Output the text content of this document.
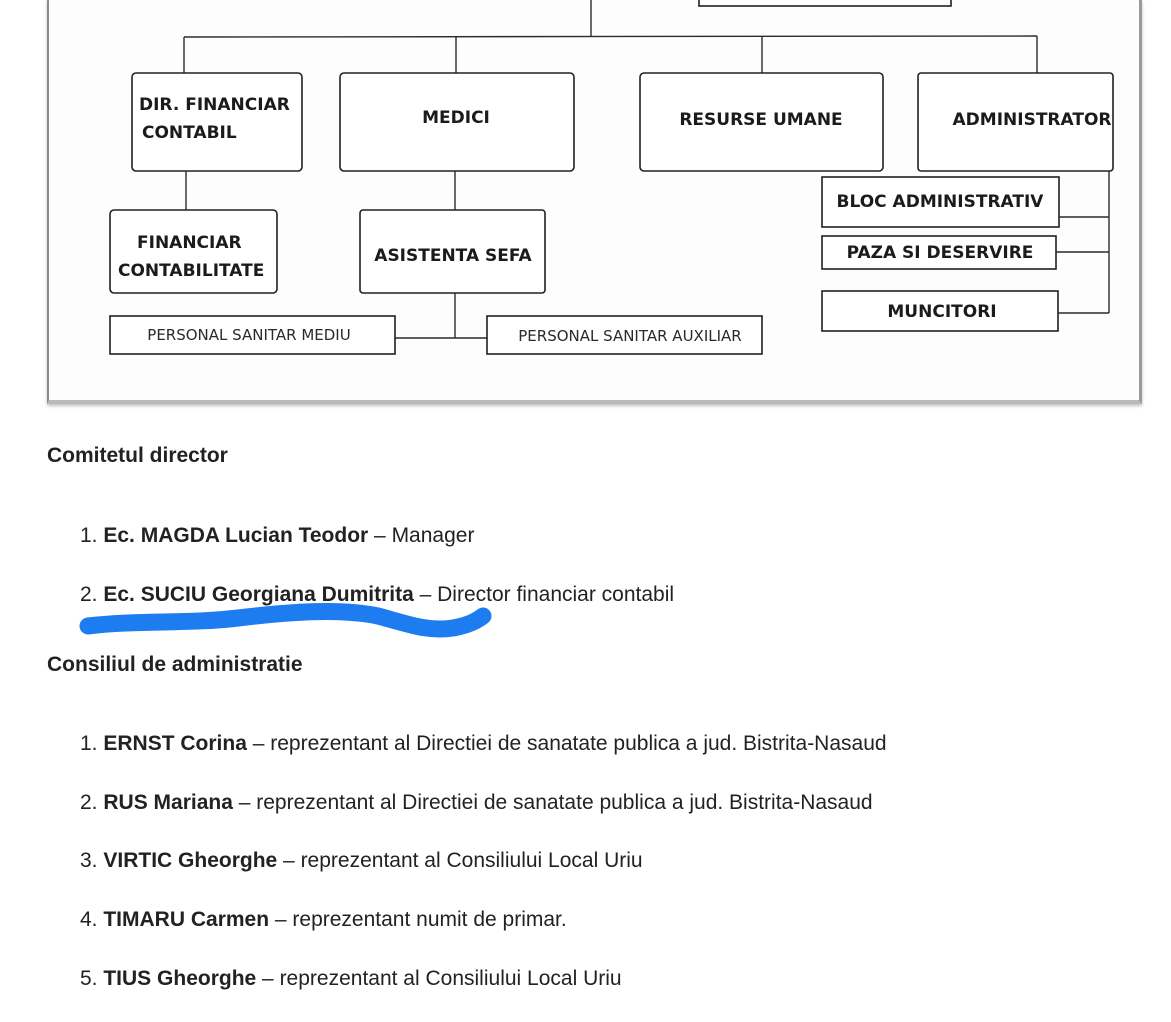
DIR. FINANCIAR
CONTABIL
MEDICI	RESURSE UMANE	ADMINISTRATOR
FINANCIAR
CONTABILITATE
ASISTENTA SEFA
BLOC ADMINISTRATIV
PAZA SI DESERVIRE
MUNCITORI
PERSONAL SANITAR MEDIU	PERSONAL SANITAR AUXILIAR
Comitetul director
1. Ec. MAGDA Lucian Teodor – Manager
2. Ec. SUCIU Georgiana Dumitrita – Director financiar contabil
Consiliul de administratie
1. ERNST Corina – reprezentant al Directiei de sanatate publica a jud. Bistrita-Nasaud
2. RUS Mariana – reprezentant al Directiei de sanatate publica a jud. Bistrita-Nasaud
3. VIRTIC Gheorghe – reprezentant al Consiliului Local Uriu
4. TIMARU Carmen – reprezentant numit de primar.
5. TIUS Gheorghe – reprezentant al Consiliului Local Uriu
